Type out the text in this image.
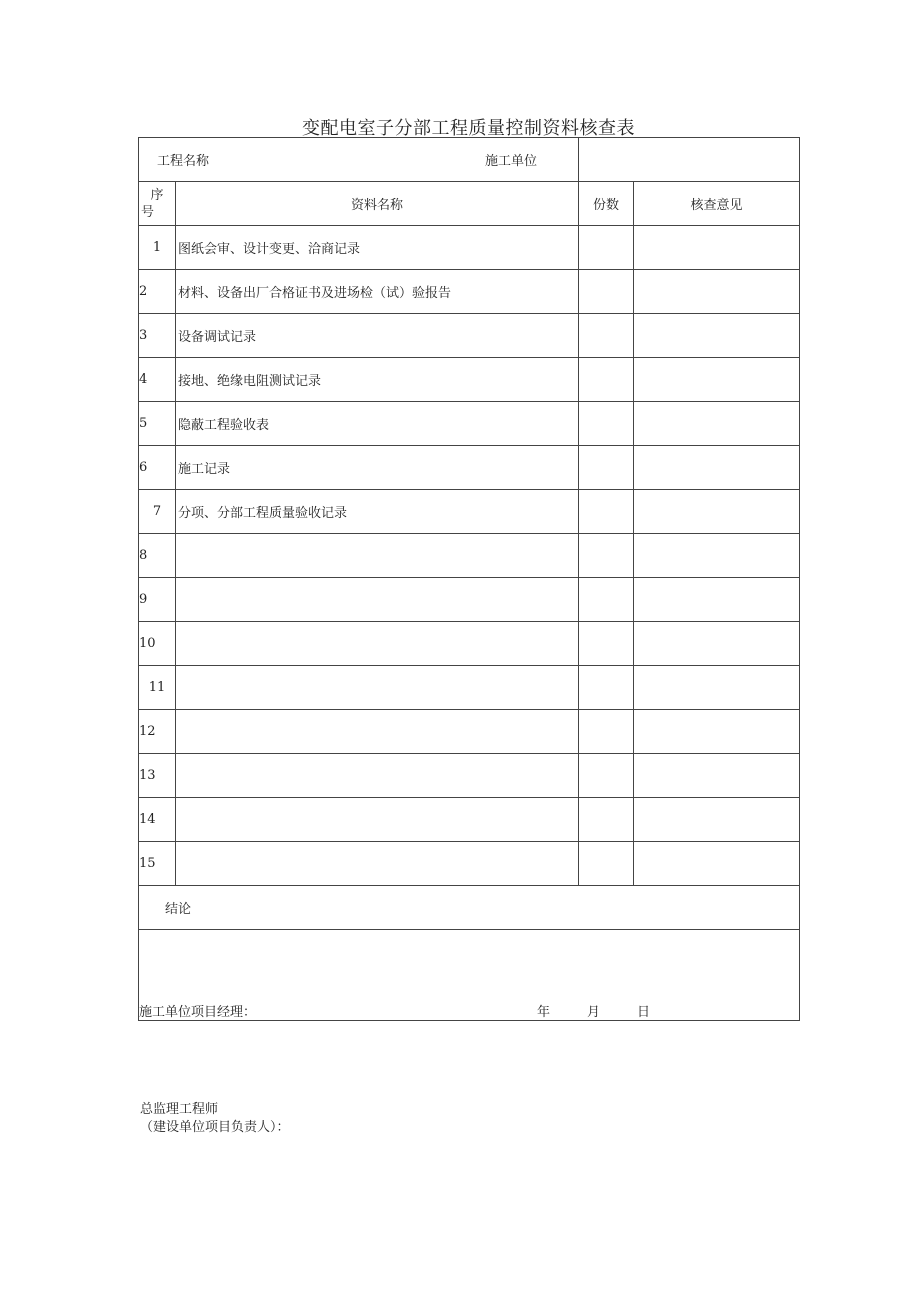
变配电室子分部工程质量控制资料核查表
工程名称 施工单位			

序
号	资料名称	份数	核查意见
1	图纸会审、设计变更、洽商记录		
2	材料、设备出厂合格证书及进场检（试）验报告		
3	设备调试记录		
4	接地、绝缘电阻测试记录		
5	隐蔽工程验收表		
6	施工记录		
7	分项、分部工程质量验收记录		
8			
9			
10			
11			
12			
13			
14			
15			
结论			

施工单位项目经理： 年 月 日			
总监理工程师
（建设单位项目负责人）：
